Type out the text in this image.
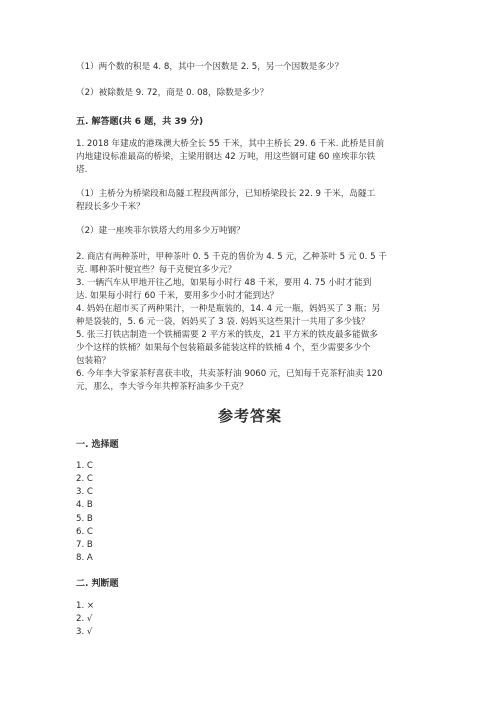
（1）两个数的积是 4. 8，其中一个因数是 2. 5，另一个因数是多少？
（2）被除数是 9. 72，商是 0. 08，除数是多少？
五. 解答题(共 6 题，共 39 分)
1. 2018 年建成的港珠澳大桥全长 55 千米，其中主桥长 29. 6 千米. 此桥是目前
内地建设标准最高的桥梁，主梁用钢达 42 万吨，用这些钢可建 60 座埃菲尔铁
塔.
（1）主桥分为桥梁段和岛隧工程段两部分，已知桥梁段长 22. 9 千米，岛隧工
程段长多少千米？
（2）建一座埃菲尔铁塔大约用多少万吨钢？
2. 商店有两种茶叶，甲种茶叶 0. 5 千克的售价为 4. 5 元，乙种茶叶 5 元 0. 5 千
克. 哪种茶叶便宜些？每千克便宜多少元？
3. 一辆汽车从甲地开往乙地，如果每小时行 48 千米，要用 4. 75 小时才能到
达. 如果每小时行 60 千米，要用多少小时才能到达？
4. 妈妈在超市买了两种果汁，一种是瓶装的，14. 4 元一瓶，妈妈买了 3 瓶；另
种是袋装的，5. 6 元一袋，妈妈买了 3 袋. 妈妈买这些果汁一共用了多少钱？
5. 张三打铁店制造一个铁桶需要 2 平方米的铁皮，21 平方米的铁皮最多能做多
少个这样的铁桶？如果每个包装箱最多能装这样的铁桶 4 个，至少需要多少个
包装箱？
6. 今年李大爷家茶籽喜获丰收，共卖茶籽油 9060 元，已知每千克茶籽油卖 120
元，那么，李大爷今年共榨茶籽油多少千克？
参考答案
一. 选择题
1. C
2. C
3. C
4. B
5. B
6. C
7. B
8. A
二. 判断题
1. ×
2. √
3. √
